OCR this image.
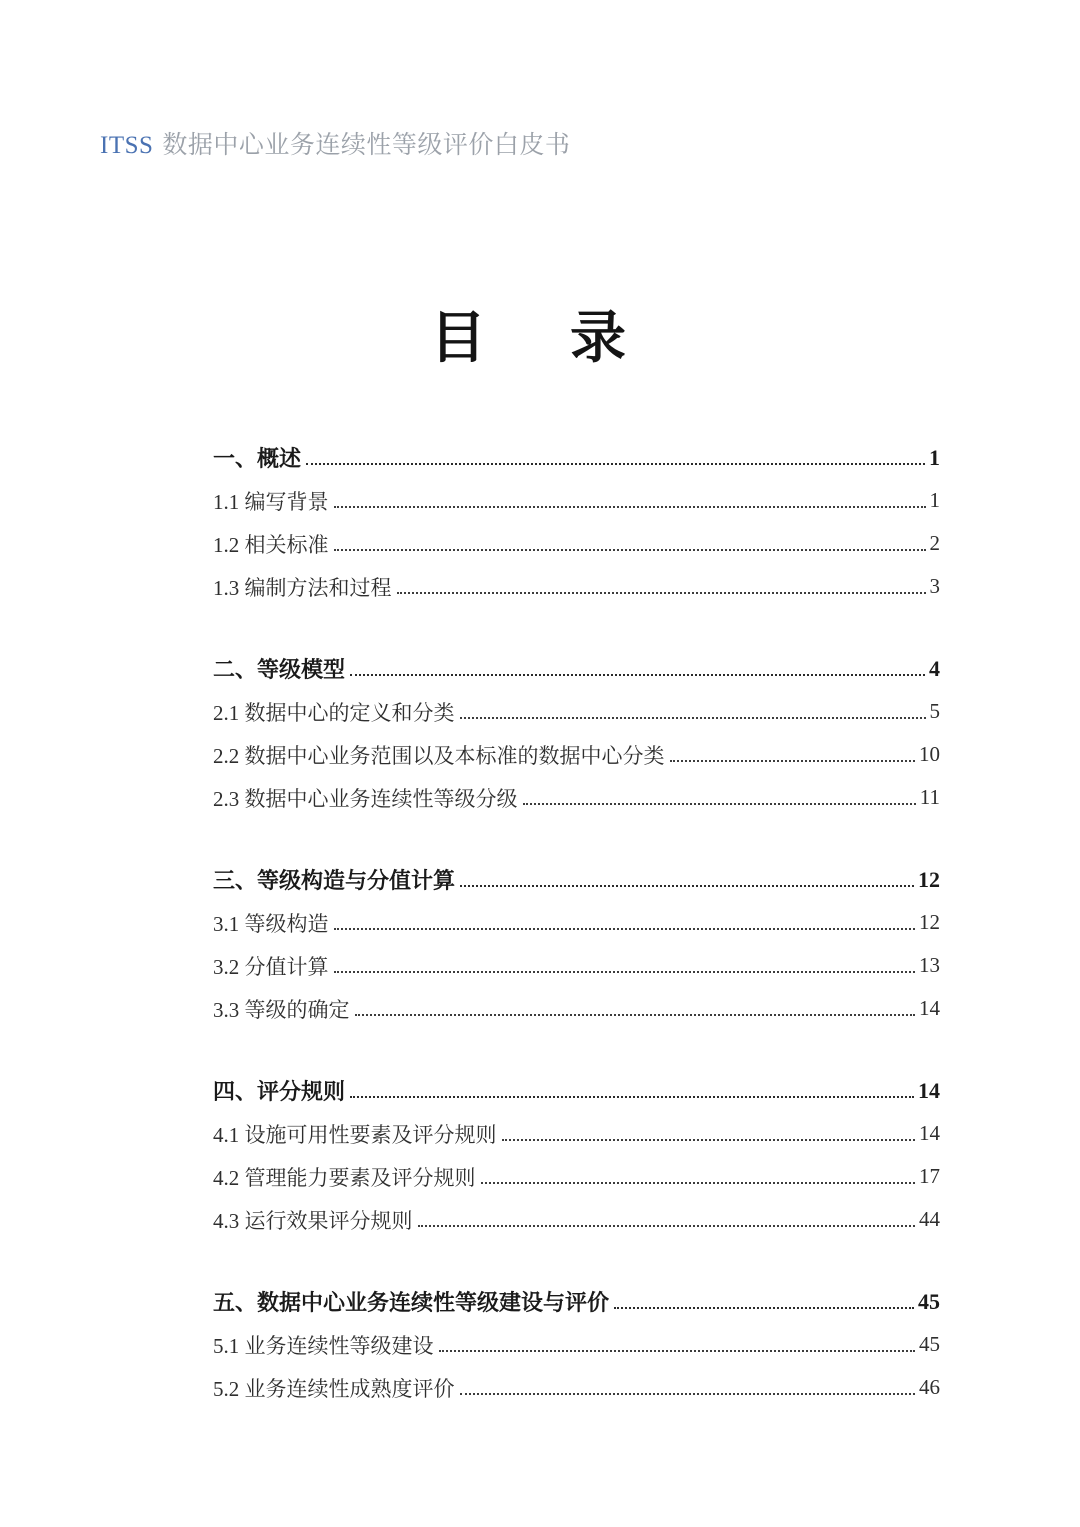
ITSS 数据中心业务连续性等级评价白皮书
目 录
一、概述	1
1.1 编写背景	1
1.2 相关标准	2
1.3 编制方法和过程	3
二、等级模型	4
2.1 数据中心的定义和分类	5
2.2 数据中心业务范围以及本标准的数据中心分类	10
2.3 数据中心业务连续性等级分级	11
三、等级构造与分值计算	12
3.1 等级构造	12
3.2 分值计算	13
3.3 等级的确定	14
四、评分规则	14
4.1 设施可用性要素及评分规则	14
4.2 管理能力要素及评分规则	17
4.3 运行效果评分规则	44
五、数据中心业务连续性等级建设与评价	45
5.1 业务连续性等级建设	45
5.2 业务连续性成熟度评价	46
